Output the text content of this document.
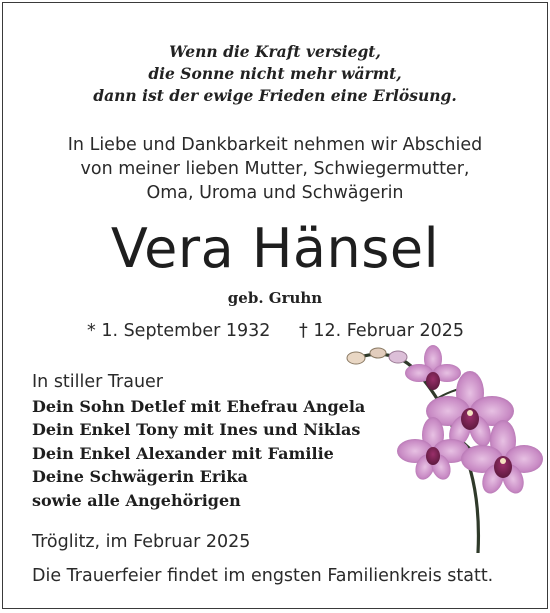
Wenn die Kraft versiegt,
die Sonne nicht mehr wärmt,
dann ist der ewige Frieden eine Erlösung.
In Liebe und Dankbarkeit nehmen wir Abschied
von meiner lieben Mutter, Schwiegermutter,
Oma, Uroma und Schwägerin
Vera Hänsel
geb. Gruhn
* 1. September 1932 † 12. Februar 2025
In stiller Trauer
Dein Sohn Detlef mit Ehefrau Angela
Dein Enkel Tony mit Ines und Niklas
Dein Enkel Alexander mit Familie
Deine Schwägerin Erika
sowie alle Angehörigen
Tröglitz, im Februar 2025
Die Trauerfeier findet im engsten Familienkreis statt.
